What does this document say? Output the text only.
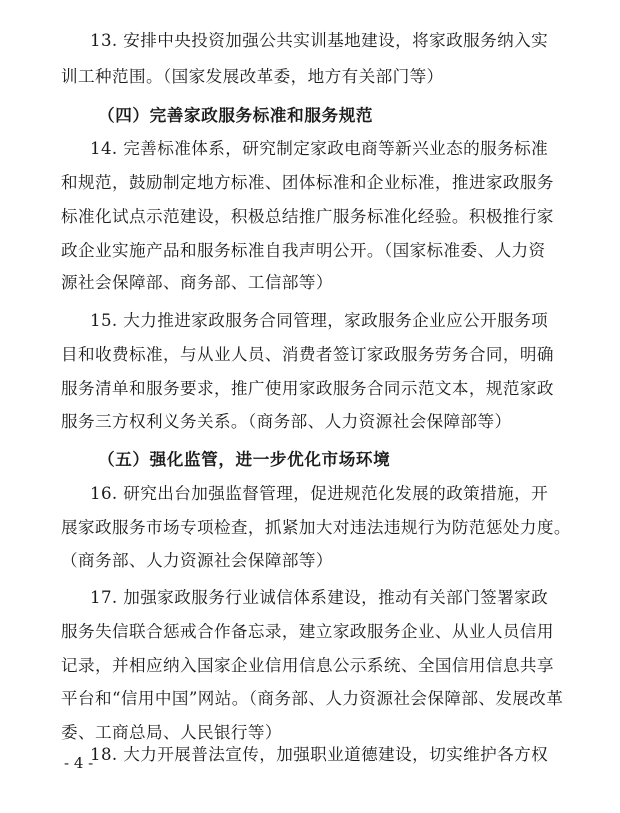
13. 安排中央投资加强公共实训基地建设，将家政服务纳入实
训工种范围。（国家发展改革委，地方有关部门等）
（四）完善家政服务标准和服务规范
14. 完善标准体系，研究制定家政电商等新兴业态的服务标准
和规范，鼓励制定地方标准、团体标准和企业标准，推进家政服务
标准化试点示范建设，积极总结推广服务标准化经验。积极推行家
政企业实施产品和服务标准自我声明公开。（国家标准委、人力资
源社会保障部、商务部、工信部等）
15. 大力推进家政服务合同管理，家政服务企业应公开服务项
目和收费标准，与从业人员、消费者签订家政服务劳务合同，明确
服务清单和服务要求，推广使用家政服务合同示范文本，规范家政
服务三方权利义务关系。（商务部、人力资源社会保障部等）
（五）强化监管，进一步优化市场环境
16. 研究出台加强监督管理，促进规范化发展的政策措施，开
展家政服务市场专项检查，抓紧加大对违法违规行为防范惩处力度。
（商务部、人力资源社会保障部等）
17. 加强家政服务行业诚信体系建设，推动有关部门签署家政
服务失信联合惩戒合作备忘录，建立家政服务企业、从业人员信用
记录，并相应纳入国家企业信用信息公示系统、全国信用信息共享
平台和“信用中国”网站。（商务部、人力资源社会保障部、发展改革
委、工商总局、人民银行等）
18. 大力开展普法宣传，加强职业道德建设，切实维护各方权
- 4 -
